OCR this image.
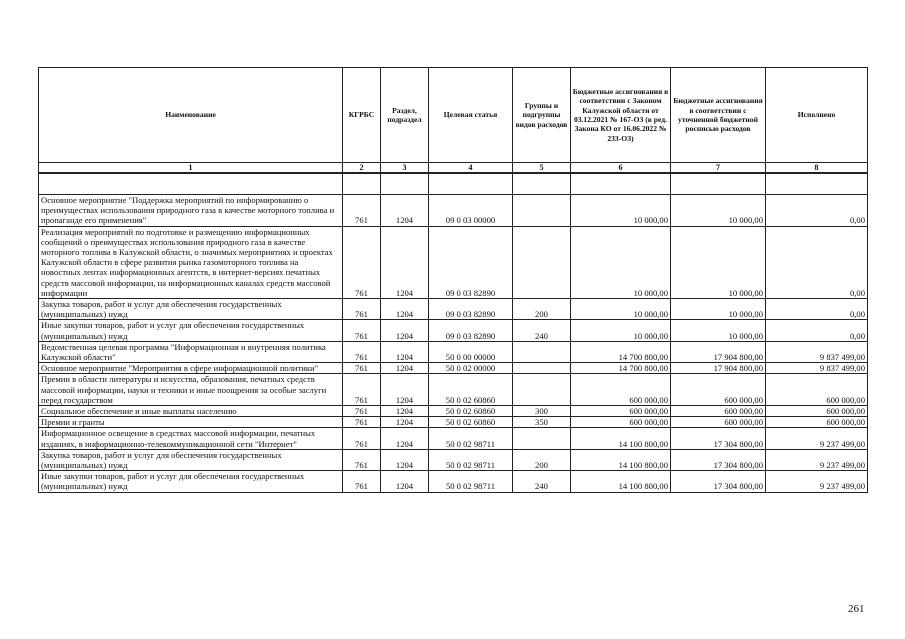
Наименование	КГРБС	Раздел, подраздел	Целевая статья	Группы и подгруппы видов расходов	Бюджетные ассигнования в соответствии с Законом Калужской области от 03.12.2021 № 167-ОЗ (в ред. Закона КО от 16.06.2022 № 233-ОЗ)	Бюджетные ассигнования в соответствии с уточненной бюджетной росписью расходов	Исполнено
1	2	3	4	5	6	7	8

Основное мероприятие "Поддержка мероприятий по информированию о преимуществах использования природного газа в качестве моторного топлива и пропаганде его применения"	761	1204	09 0 03 00000		10 000,00	10 000,00	0,00
Реализация мероприятий по подготовке и размещению информационных сообщений о преимуществах использования природного газа в качестве моторного топлива в Калужской области, о значимых мероприятиях и проектах Калужской области в сфере развития рынка газомоторного топлива на новостных лентах информационных агентств, в интернет-версиях печатных средств массовой информации, на информационных каналах средств массовой информации	761	1204	09 0 03 82890		10 000,00	10 000,00	0,00
Закупка товаров, работ и услуг для обеспечения государственных (муниципальных) нужд	761	1204	09 0 03 82890	200	10 000,00	10 000,00	0,00
Иные закупки товаров, работ и услуг для обеспечения государственных (муниципальных) нужд	761	1204	09 0 03 82890	240	10 000,00	10 000,00	0,00
Ведомственная целевая программа "Информационная и внутренняя политика Калужской области"	761	1204	50 0 00 00000		14 700 800,00	17 904 800,00	9 837 499,00
Основное мероприятие "Мероприятия в сфере информационной политики"	761	1204	50 0 02 00000		14 700 800,00	17 904 800,00	9 837 499,00
Премии в области литературы и искусства, образования, печатных средств массовой информации, науки и техники и иные поощрения за особые заслуги перед государством	761	1204	50 0 02 60860		600 000,00	600 000,00	600 000,00
Социальное обеспечение и иные выплаты населению	761	1204	50 0 02 60860	300	600 000,00	600 000,00	600 000,00
Премии и гранты	761	1204	50 0 02 60860	350	600 000,00	600 000,00	600 000,00
Информационное освещение в средствах массовой информации, печатных изданиях, в информационно-телекоммуникационной сети "Интернет"	761	1204	50 0 02 98711		14 100 800,00	17 304 800,00	9 237 499,00
Закупка товаров, работ и услуг для обеспечения государственных (муниципальных) нужд	761	1204	50 0 02 98711	200	14 100 800,00	17 304 800,00	9 237 499,00
Иные закупки товаров, работ и услуг для обеспечения государственных (муниципальных) нужд	761	1204	50 0 02 98711	240	14 100 800,00	17 304 800,00	9 237 499,00
261
